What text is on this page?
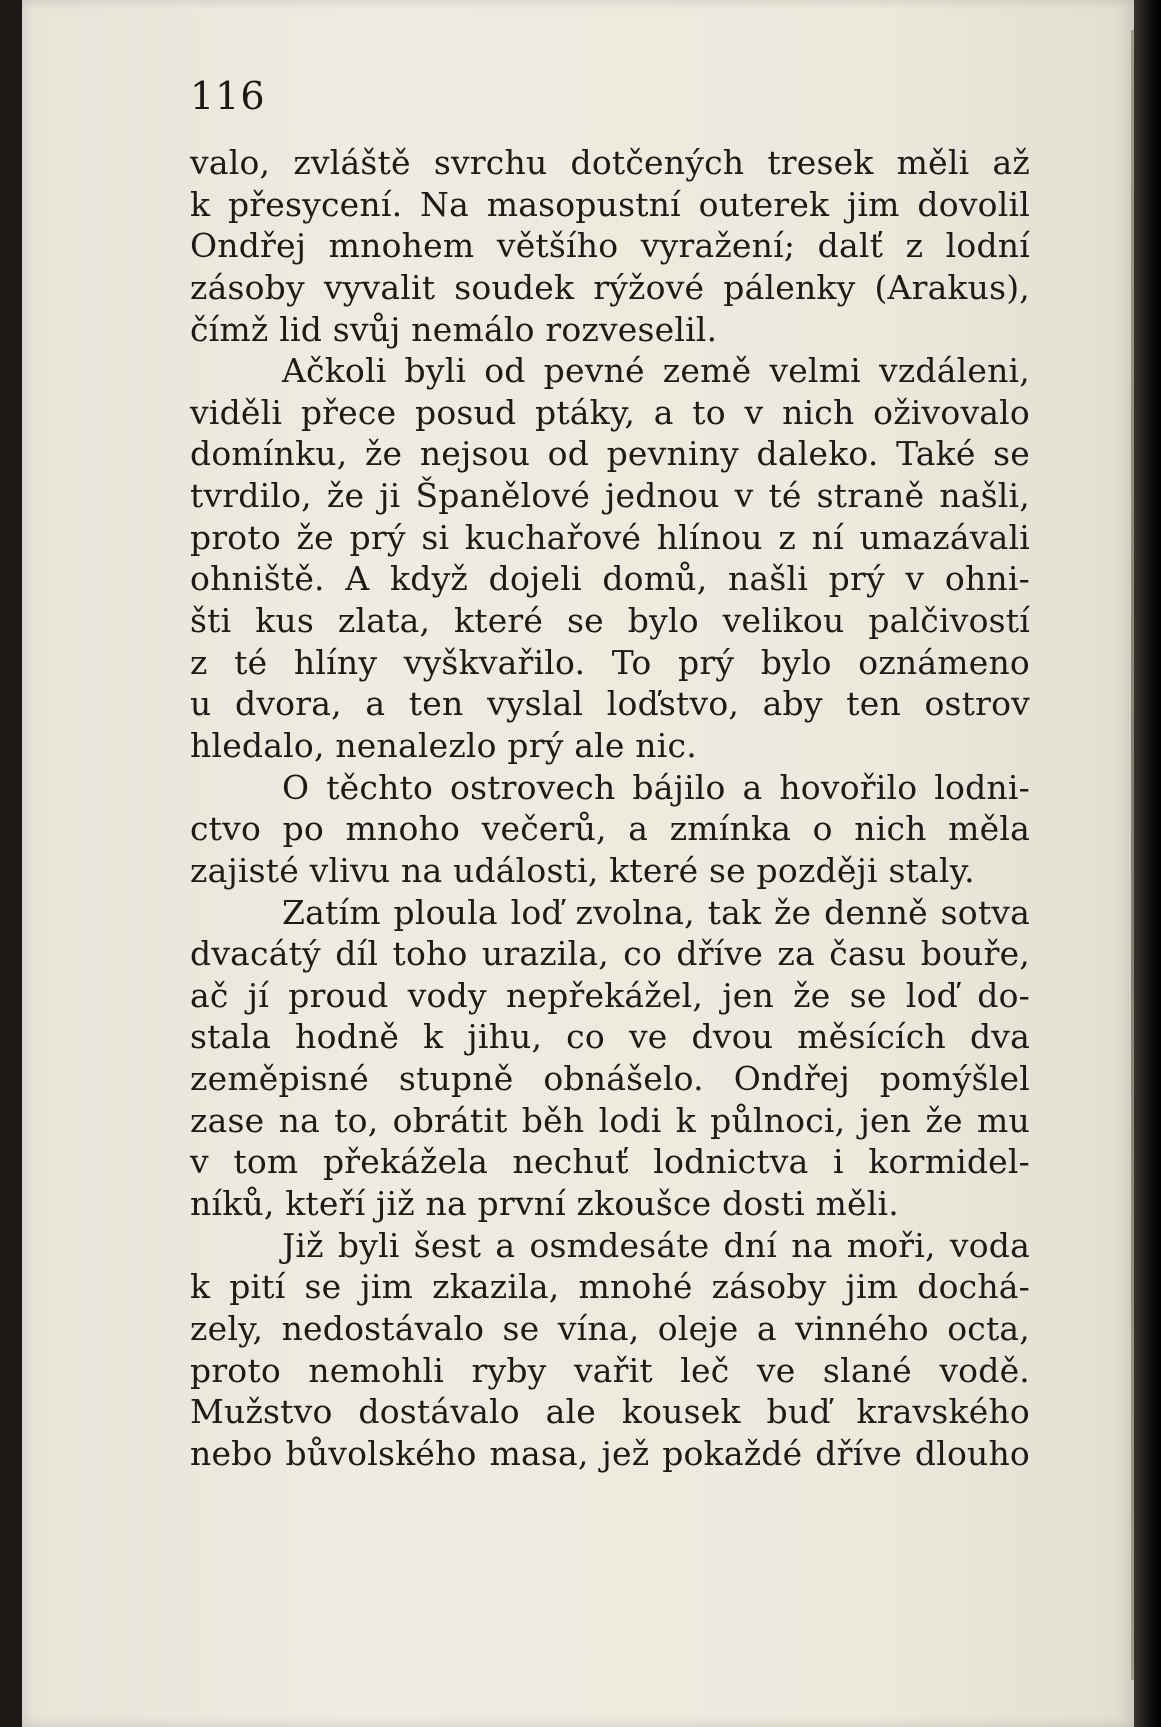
116
valo, zvláště svrchu dotčených tresek měli až
k přesycení. Na masopustní outerek jim dovolil
Ondřej mnohem většího vyražení; dalť z lodní
zásoby vyvalit soudek rýžové pálenky (Arakus),
čímž lid svůj nemálo rozveselil.
Ačkoli byli od pevné země velmi vzdáleni,
viděli přece posud ptáky, a to v nich oživovalo
domínku, že nejsou od pevniny daleko. Také se
tvrdilo, že ji Španělové jednou v té straně našli,
proto že prý si kuchařové hlínou z ní umazávali
ohniště. A když dojeli domů, našli prý v ohni-
šti kus zlata, které se bylo velikou palčivostí
z té hlíny vyškvařilo. To prý bylo oznámeno
u dvora, a ten vyslal loďstvo, aby ten ostrov
hledalo, nenalezlo prý ale nic.
O těchto ostrovech bájilo a hovořilo lodni-
ctvo po mnoho večerů, a zmínka o nich měla
zajisté vlivu na události, které se později staly.
Zatím ploula loď zvolna, tak že denně sotva
dvacátý díl toho urazila, co dříve za času bouře,
ač jí proud vody nepřekážel, jen že se loď do-
stala hodně k jihu, co ve dvou měsících dva
zeměpisné stupně obnášelo. Ondřej pomýšlel
zase na to, obrátit běh lodi k půlnoci, jen že mu
v tom překážela nechuť lodnictva i kormidel-
níků, kteří již na první zkoušce dosti měli.
Již byli šest a osmdesáte dní na moři, voda
k pití se jim zkazila, mnohé zásoby jim dochá-
zely, nedostávalo se vína, oleje a vinného octa,
proto nemohli ryby vařit leč ve slané vodě.
Mužstvo dostávalo ale kousek buď kravského
nebo bůvolského masa, jež pokaždé dříve dlouho
